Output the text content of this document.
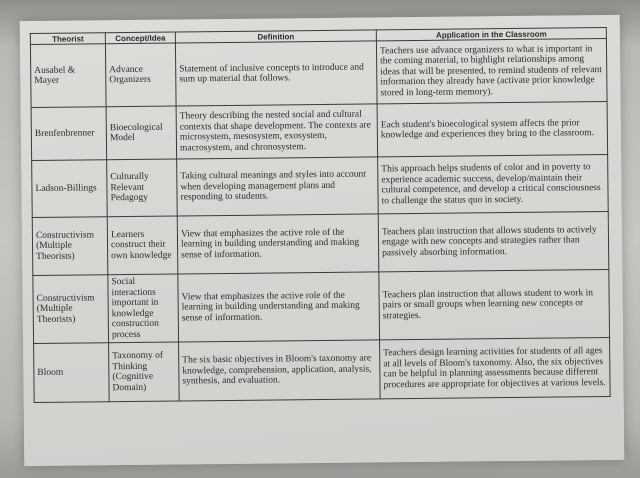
Theorist	Concept/Idea	Definition	Application in the Classroom
Ausabel & Mayer	Advance Organizers	Statement of inclusive concepts to introduce and sum up material that follows.	Teachers use advance organizers to what is important in the coming material, to highlight relationships among ideas that will be presented, to remind students of relevant information they already have (activate prior knowledge stored in long-term memory).
Brenfenbrenner	Bioecological Model	Theory describing the nested social and cultural contexts that shape development. The contexts are microsystem, mesosystem, exosystem, macrosystem, and chronosystem.	Each student's bioecological system affects the prior knowledge and experiences they bring to the classroom.
Ladson-Billings	Culturally Relevant Pedagogy	Taking cultural meanings and styles into account when developing management plans and responding to students.	This approach helps students of color and in poverty to experience academic success, develop/maintain their cultural competence, and develop a critical consciousness to challenge the status quo in society.
Constructivism (Multiple Theorists)	Learners construct their own knowledge	View that emphasizes the active role of the learning in building understanding and making sense of information.	Teachers plan instruction that allows students to actively engage with new concepts and strategies rather than passively absorbing information.
Constructivism (Multiple Theorists)	Social interactions important in knowledge construction process	View that emphasizes the active role of the learning in building understanding and making sense of information.	Teachers plan instruction that allows student to work in pairs or small groups when learning new concepts or strategies.
Bloom	Taxonomy of Thinking (Cognitive Domain)	The six basic objectives in Bloom's taxonomy are knowledge, comprehension, application, analysis, synthesis, and evaluation.	Teachers design learning activities for students of all ages at all levels of Bloom's taxonomy. Also, the six objectives can be helpful in planning assessments because different procedures are appropriate for objectives at various levels.
